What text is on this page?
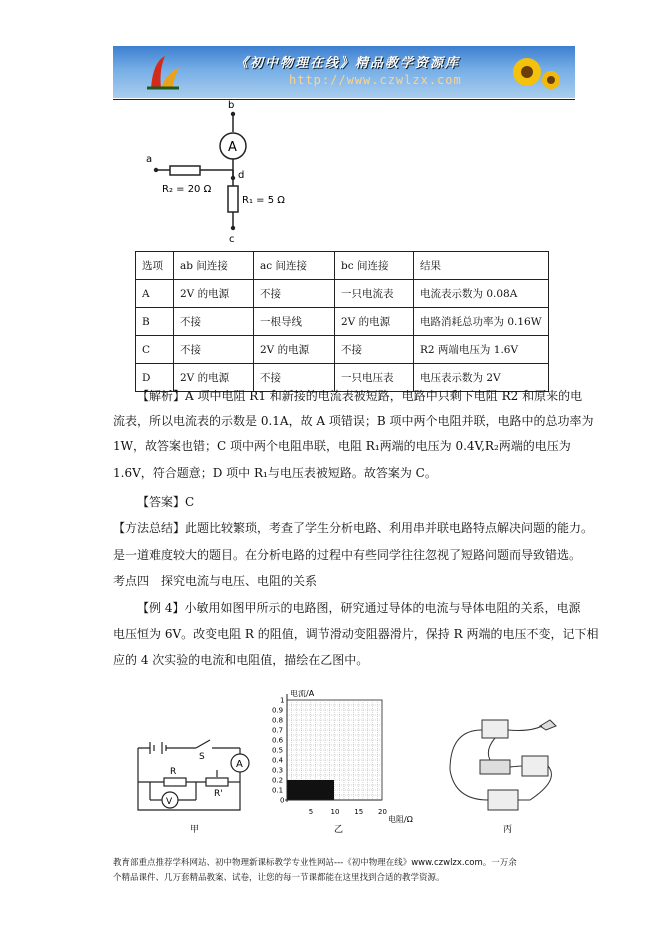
《初中物理在线》精品教学资源库
http://www.czwlzx.com
b
a
d
c
A
R₂ = 20 Ω
R₁ = 5 Ω
选项	ab 间连接	ac 间连接	bc 间连接	结果
A	2V 的电源	不接	一只电流表	电流表示数为 0.08A
B	不接	一根导线	2V 的电源	电路消耗总功率为 0.16W
C	不接	2V 的电源	不接	R2 两端电压为 1.6V
D	2V 的电源	不接	一只电压表	电压表示数为 2V
【解析】A 项中电阻 R1 和新接的电流表被短路，电路中只剩下电阻 R2 和原来的电
流表，所以电流表的示数是 0.1A，故 A 项错误；B 项中两个电阻并联，电路中的总功率为
1W，故答案也错；C 项中两个电阻串联，电阻 R₁两端的电压为 0.4V,R₂两端的电压为
1.6V，符合题意；D 项中 R₁与电压表被短路。故答案为 C。
【答案】C
【方法总结】此题比较繁琐，考查了学生分析电路、利用串并联电路特点解决问题的能力。
是一道难度较大的题目。在分析电路的过程中有些同学往往忽视了短路问题而导致错选。
考点四　探究电流与电压、电阻的关系
【例 4】小敏用如图甲所示的电路图，研究通过导体的电流与导体电阻的关系，电源
电压恒为 6V。改变电阻 R 的阻值，调节滑动变阻器滑片，保持 R 两端的电压不变，记下相
应的 4 次实验的电流和电阻值，描绘在乙图中。
S
A
R
R'
V
甲
1
0.9
0.8
0.7
0.6
0.5
0.4
0.3
0.2
0.1
0
5 10 15 20
电流/A
电阻/Ω
乙	丙
教育部重点推荐学科网站、初中物理新课标教学专业性网站---《初中物理在线》www.czwlzx.com。一万余
个精品课件、几万套精品教案、试卷，让您的每一节课都能在这里找到合适的教学资源。
